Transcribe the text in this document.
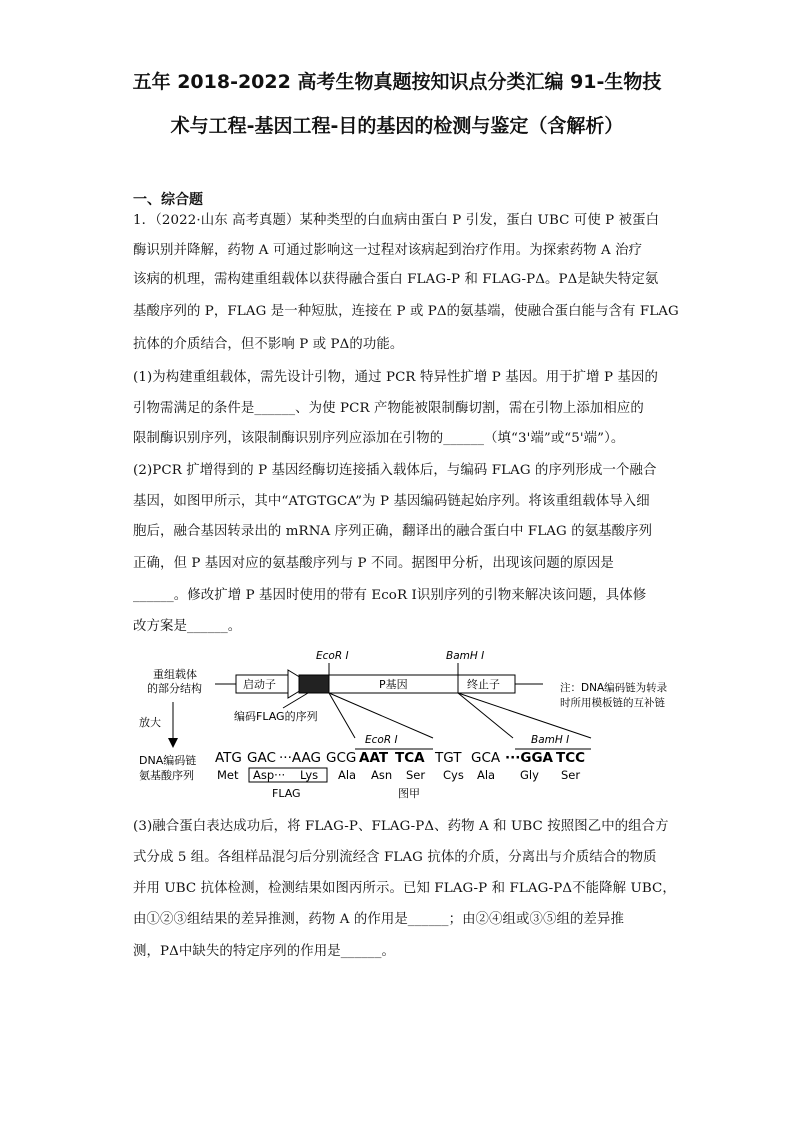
五年 2018-2022 高考生物真题按知识点分类汇编 91-生物技
术与工程-基因工程-目的基因的检测与鉴定（含解析）
一、综合题
1．（2022·山东 高考真题）某种类型的白血病由蛋白 P 引发，蛋白 UBC 可使 P 被蛋白
酶识别并降解，药物 A 可通过影响这一过程对该病起到治疗作用。为探索药物 A 治疗
该病的机理，需构建重组载体以获得融合蛋白 FLAG-P 和 FLAG-PΔ。PΔ是缺失特定氨
基酸序列的 P，FLAG 是一种短肽，连接在 P 或 PΔ的氨基端，使融合蛋白能与含有 FLAG
抗体的介质结合，但不影响 P 或 PΔ的功能。
(1)为构建重组载体，需先设计引物，通过 PCR 特异性扩增 P 基因。用于扩增 P 基因的
引物需满足的条件是______、为使 PCR 产物能被限制酶切割，需在引物上添加相应的
限制酶识别序列，该限制酶识别序列应添加在引物的______（填“3'端”或“5'端”）。
(2)PCR 扩增得到的 P 基因经酶切连接插入载体后，与编码 FLAG 的序列形成一个融合
基因，如图甲所示，其中“ATGTGCA”为 P 基因编码链起始序列。将该重组载体导入细
胞后，融合基因转录出的 mRNA 序列正确，翻译出的融合蛋白中 FLAG 的氨基酸序列
正确，但 P 基因对应的氨基酸序列与 P 不同。据图甲分析，出现该问题的原因是
______。修改扩增 P 基因时使用的带有 EcoR Ⅰ识别序列的引物来解决该问题，具体修
改方案是______。
重组载体
的部分结构
EcoR Ⅰ	BamH Ⅰ
启动子	P基因	终止子	注：DNA编码链为转录
时所用模板链的互补链
编码FLAG的序列
放大
EcoR Ⅰ	BamH Ⅰ
DNA编码链
氨基酸序列
ATG GAC ···AAG GCG AAT TCA TGT GCA ···GGA TCC
Met Asp··· Lys Ala Asn Ser Cys Ala Gly Ser
FLAG	图甲
(3)融合蛋白表达成功后，将 FLAG-P、FLAG-PΔ、药物 A 和 UBC 按照图乙中的组合方
式分成 5 组。各组样品混匀后分别流经含 FLAG 抗体的介质，分离出与介质结合的物质
并用 UBC 抗体检测，检测结果如图丙所示。已知 FLAG-P 和 FLAG-PΔ不能降解 UBC，
由①②③组结果的差异推测，药物 A 的作用是______；由②④组或③⑤组的差异推
测，PΔ中缺失的特定序列的作用是______。
